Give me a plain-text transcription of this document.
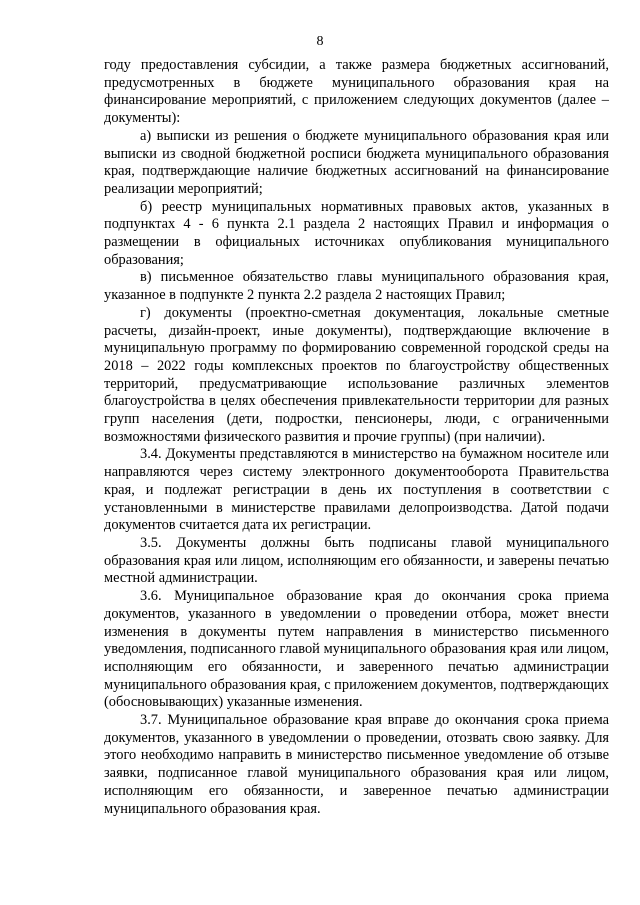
8

году предоставления субсидии, а также размера бюджетных ассигнований, предусмотренных в бюджете муниципального образования края на финансирование мероприятий, с приложением следующих документов (далее – документы):

а) выписки из решения о бюджете муниципального образования края или выписки из сводной бюджетной росписи бюджета муниципального образования края, подтверждающие наличие бюджетных ассигнований на финансирование реализации мероприятий;

б) реестр муниципальных нормативных правовых актов, указанных в подпунктах 4 - 6 пункта 2.1 раздела 2 настоящих Правил и информация о размещении в официальных источниках опубликования муниципального образования;

в) письменное обязательство главы муниципального образования края, указанное в подпункте 2 пункта 2.2 раздела 2 настоящих Правил;

г) документы (проектно-сметная документация, локальные сметные расчеты, дизайн-проект, иные документы), подтверждающие включение в муниципальную программу по формированию современной городской среды на 2018 – 2022 годы комплексных проектов по благоустройству общественных территорий, предусматривающие использование различных элементов благоустройства в целях обеспечения привлекательности территории для разных групп населения (дети, подростки, пенсионеры, люди, с ограниченными возможностями физического развития и прочие группы) (при наличии).

3.4. Документы представляются в министерство на бумажном носителе или направляются через систему электронного документооборота Правительства края, и подлежат регистрации в день их поступления в соответствии с установленными в министерстве правилами делопроизводства. Датой подачи документов считается дата их регистрации.

3.5. Документы должны быть подписаны главой муниципального образования края или лицом, исполняющим его обязанности, и заверены печатью местной администрации.

3.6. Муниципальное образование края до окончания срока приема документов, указанного в уведомлении о проведении отбора, может внести изменения в документы путем направления в министерство письменного уведомления, подписанного главой муниципального образования края или лицом, исполняющим его обязанности, и заверенного печатью администрации муниципального образования края, с приложением документов, подтверждающих (обосновывающих) указанные изменения.

3.7. Муниципальное образование края вправе до окончания срока приема документов, указанного в уведомлении о проведении, отозвать свою заявку. Для этого необходимо направить в министерство письменное уведомление об отзыве заявки, подписанное главой муниципального образования края или лицом, исполняющим его обязанности, и заверенное печатью администрации муниципального образования края.
